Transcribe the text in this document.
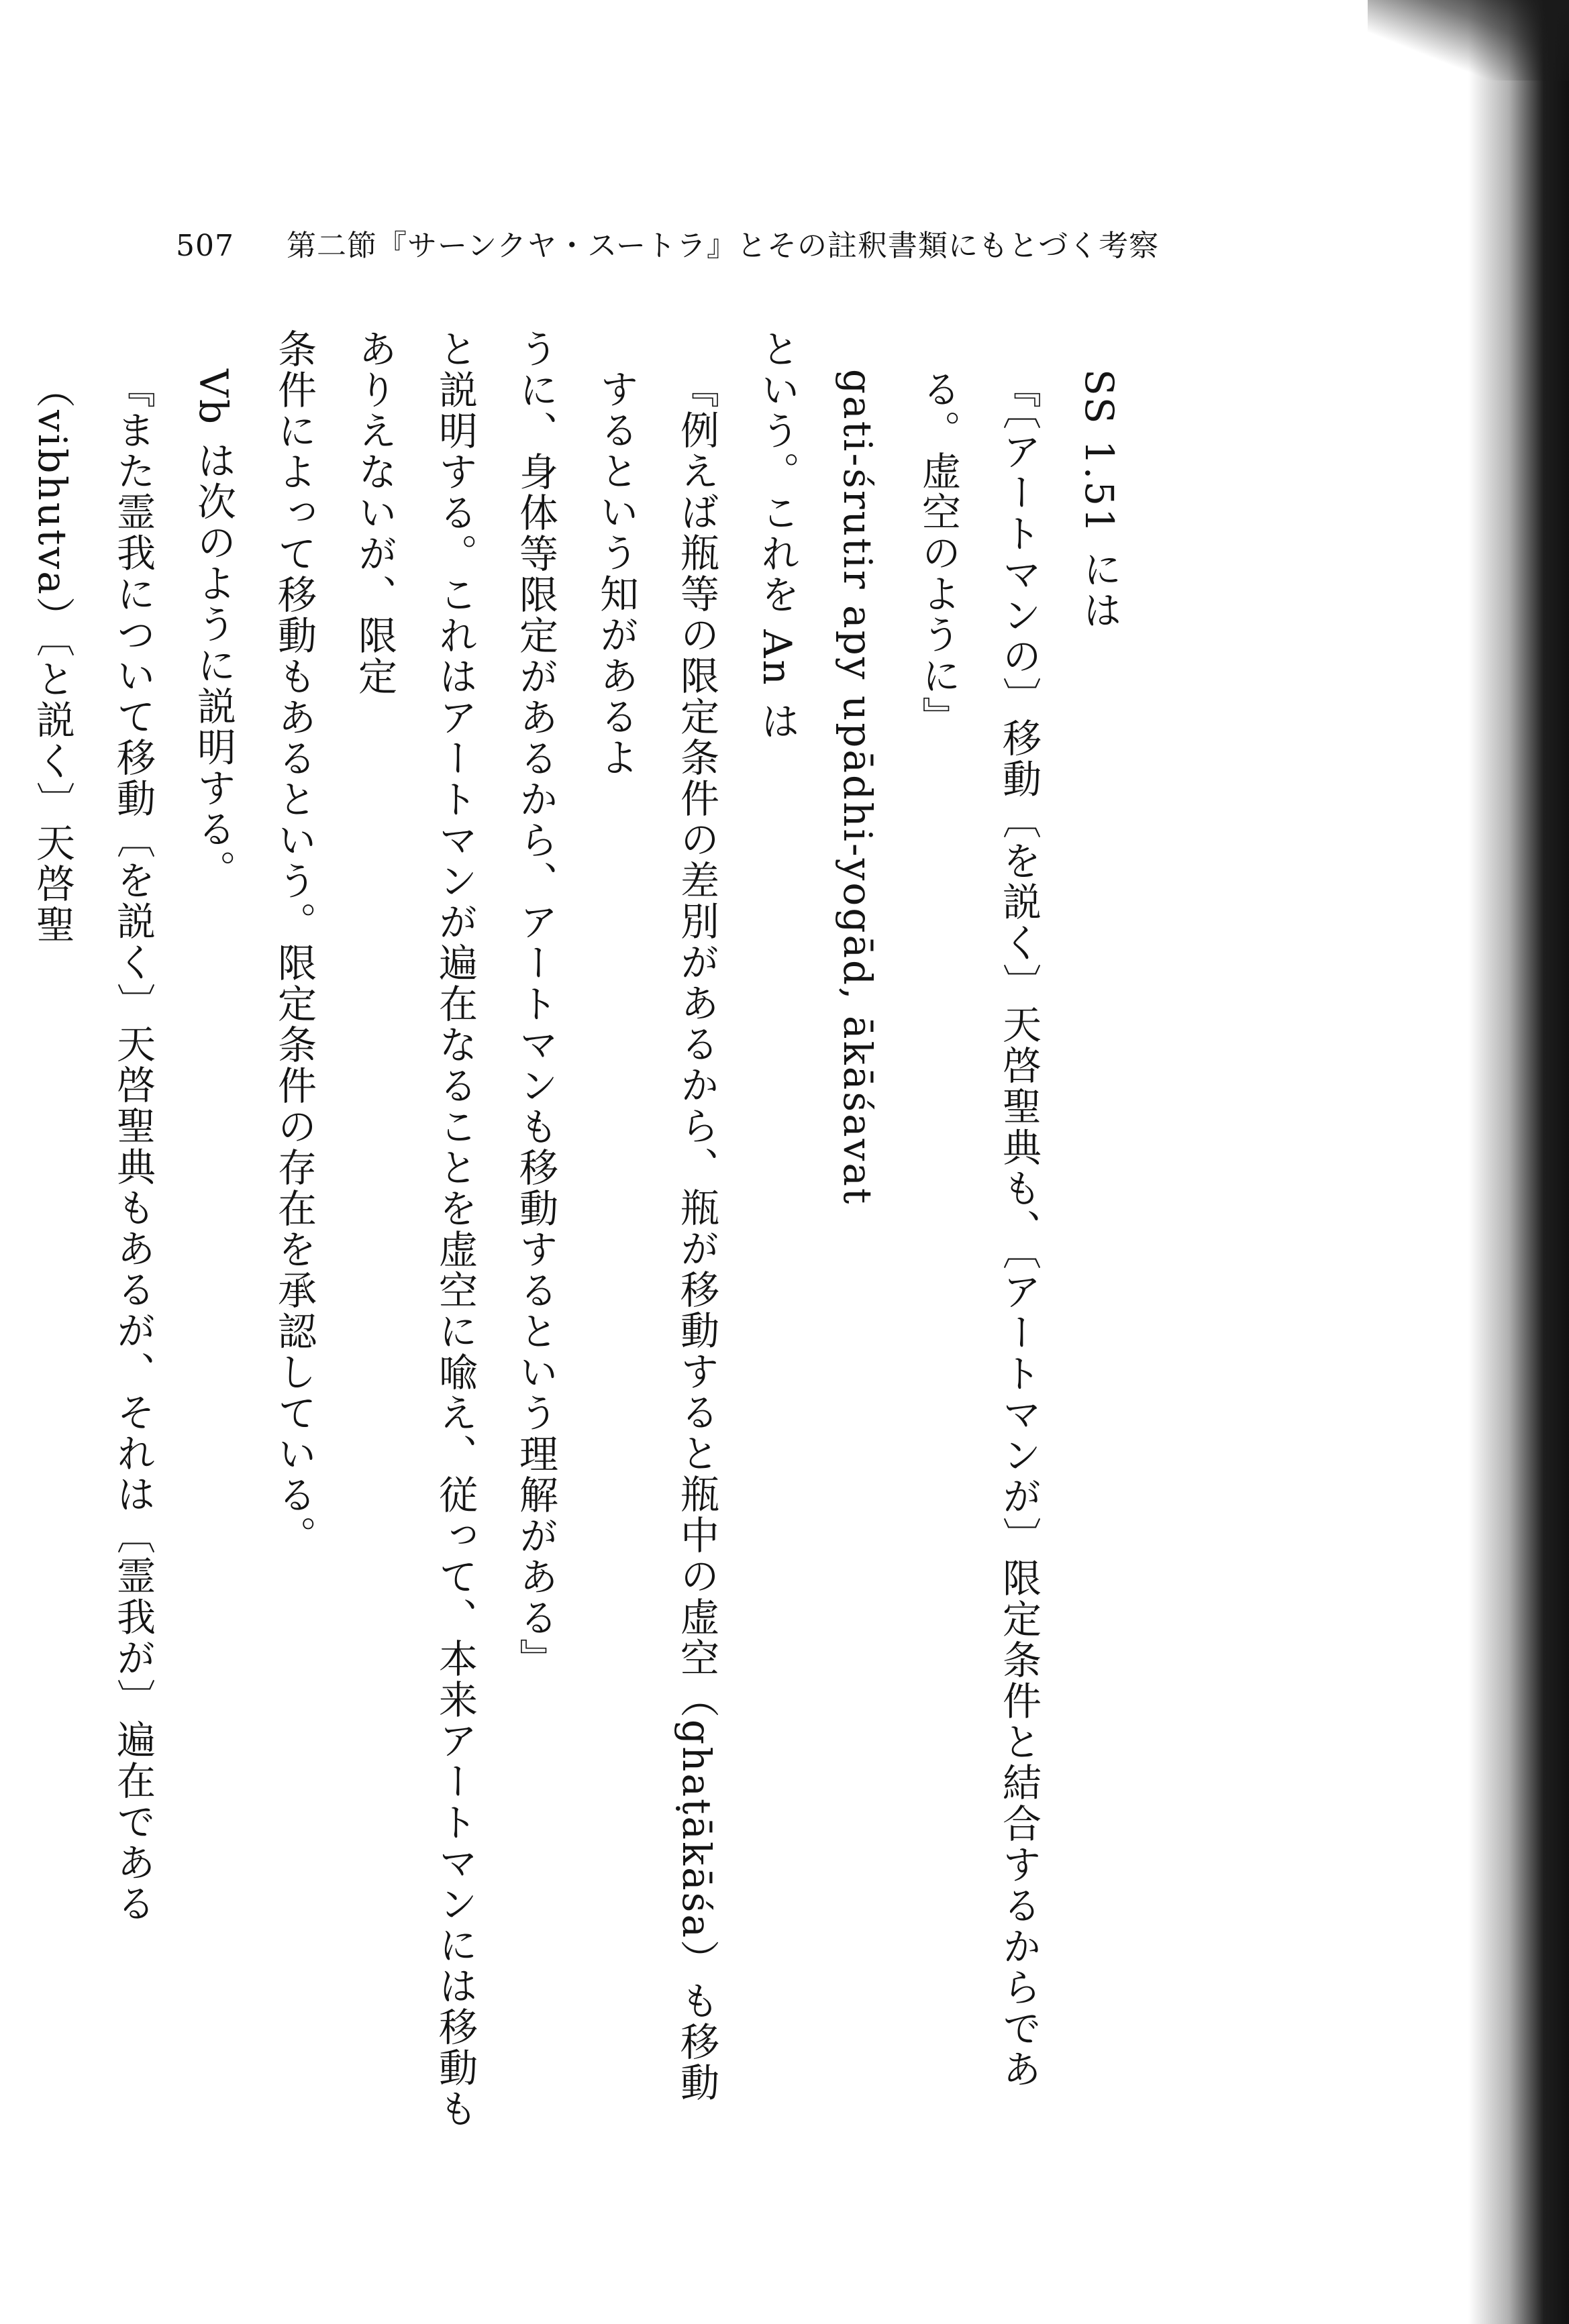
507 第二節『サーンクヤ・スートラ』とその註釈書類にもとづく考察
SS 1.51 には
『〔アートマンの〕移動〔を説く〕天啓聖典も、〔アートマンが〕限定条件と結合するからである。虚空のように』
gati-śrutir apy upādhi-yogād, ākāśavat
という。これを An は
『例えば瓶等の限定条件の差別があるから、瓶が移動すると瓶中の虚空（ghaṭākāśa）も移動するという知があるよ
うに、身体等限定があるから、アートマンも移動するという理解がある』
と説明する。これはアートマンが遍在なることを虚空に喩え、従って、本来アートマンには移動もありえないが、限定
条件によって移動もあるという。限定条件の存在を承認している。
Vb は次のように説明する。
『また霊我について移動〔を説く〕天啓聖典もあるが、それは〔霊我が〕遍在である（vibhutva）〔と説く〕天啓聖
